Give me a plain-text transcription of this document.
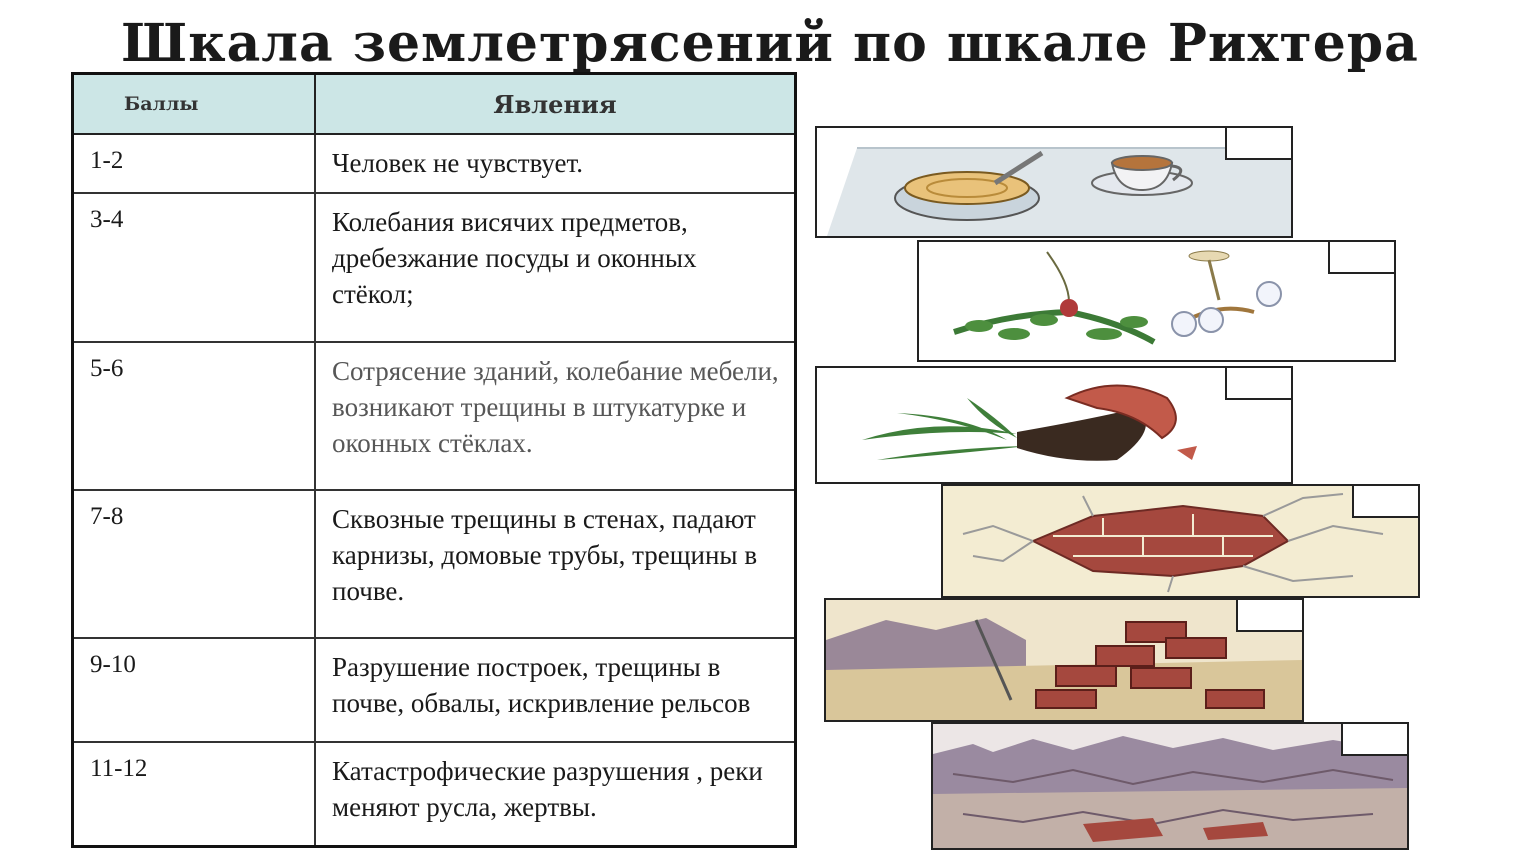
Шкала землетрясений по шкале Рихтера
Баллы	Явления
1-2	Человек не чувствует.
3-4	Колебания висячих предметов, дребезжание посуды и оконных стёкол;
5-6	Сотрясение зданий, колебание мебели, возникают трещины в штукатурке и оконных стёклах.
7-8	Сквозные трещины в стенах, падают карнизы, домовые трубы, трещины в почве.
9-10	Разрушение построек, трещины в почве, обвалы, искривление рельсов
11-12	Катастрофические разрушения , реки меняют русла, жертвы.
